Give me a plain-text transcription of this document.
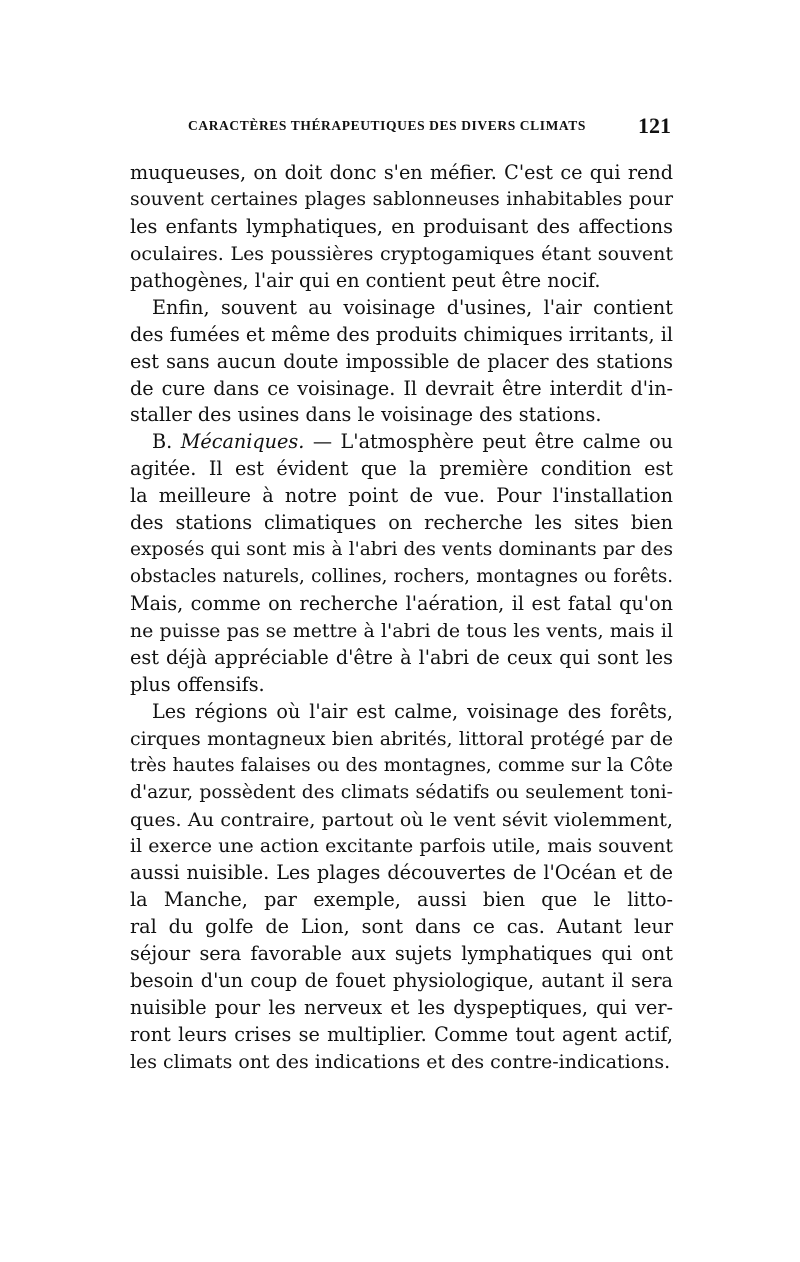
CARACTÈRES THÉRAPEUTIQUES DES DIVERS CLIMATS 121
muqueuses, on doit donc s'en méfier. C'est ce qui rend
souvent certaines plages sablonneuses inhabitables pour
les enfants lymphatiques, en produisant des affections
oculaires. Les poussières cryptogamiques étant souvent
pathogènes, l'air qui en contient peut être nocif.
Enfin, souvent au voisinage d'usines, l'air contient
des fumées et même des produits chimiques irritants, il
est sans aucun doute impossible de placer des stations
de cure dans ce voisinage. Il devrait être interdit d'in-
staller des usines dans le voisinage des stations.
B. Mécaniques. — L'atmosphère peut être calme ou
agitée. Il est évident que la première condition est
la meilleure à notre point de vue. Pour l'installation
des stations climatiques on recherche les sites bien
exposés qui sont mis à l'abri des vents dominants par des
obstacles naturels, collines, rochers, montagnes ou forêts.
Mais, comme on recherche l'aération, il est fatal qu'on
ne puisse pas se mettre à l'abri de tous les vents, mais il
est déjà appréciable d'être à l'abri de ceux qui sont les
plus offensifs.
Les régions où l'air est calme, voisinage des forêts,
cirques montagneux bien abrités, littoral protégé par de
très hautes falaises ou des montagnes, comme sur la Côte
d'azur, possèdent des climats sédatifs ou seulement toni-
ques. Au contraire, partout où le vent sévit violemment,
il exerce une action excitante parfois utile, mais souvent
aussi nuisible. Les plages découvertes de l'Océan et de
la Manche, par exemple, aussi bien que le litto-
ral du golfe de Lion, sont dans ce cas. Autant leur
séjour sera favorable aux sujets lymphatiques qui ont
besoin d'un coup de fouet physiologique, autant il sera
nuisible pour les nerveux et les dyspeptiques, qui ver-
ront leurs crises se multiplier. Comme tout agent actif,
les climats ont des indications et des contre-indications.
